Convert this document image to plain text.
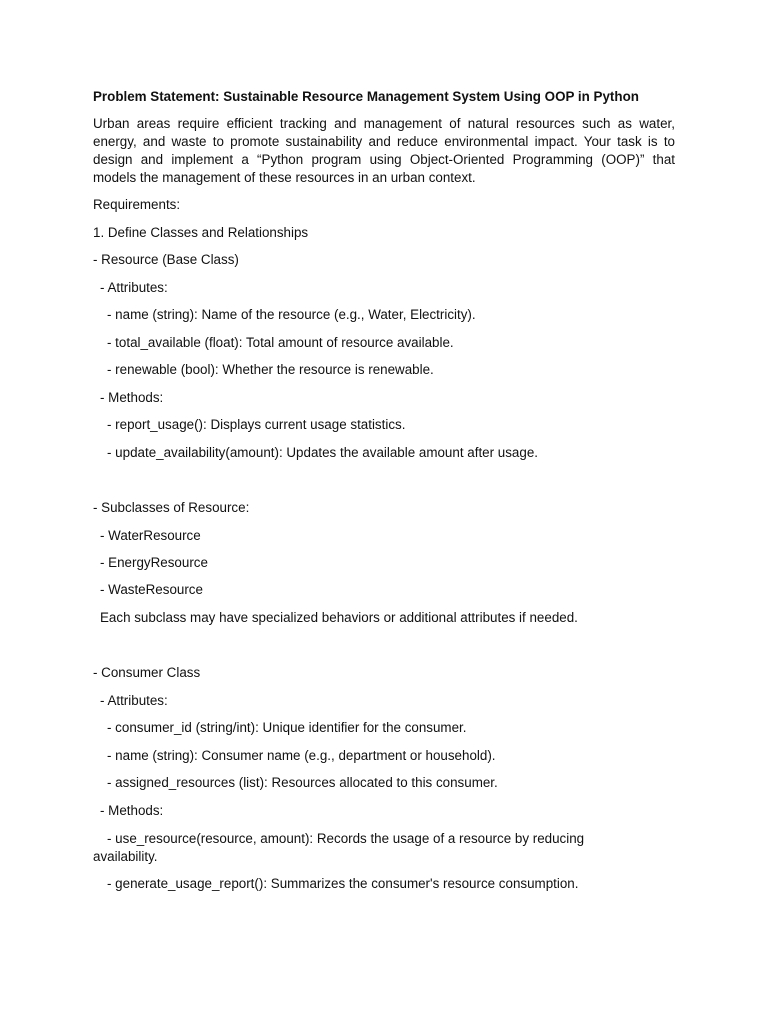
Problem Statement: Sustainable Resource Management System Using OOP in Python
Urban areas require efficient tracking and management of natural resources such as water, energy, and waste to promote sustainability and reduce environmental impact. Your task is to design and implement a “Python program using Object-Oriented Programming (OOP)” that models the management of these resources in an urban context.
Requirements:
1. Define Classes and Relationships
- Resource (Base Class)
- Attributes:
- name (string): Name of the resource (e.g., Water, Electricity).
- total_available (float): Total amount of resource available.
- renewable (bool): Whether the resource is renewable.
- Methods:
- report_usage(): Displays current usage statistics.
- update_availability(amount): Updates the available amount after usage.
- Subclasses of Resource:
- WaterResource
- EnergyResource
- WasteResource
Each subclass may have specialized behaviors or additional attributes if needed.
- Consumer Class
- Attributes:
- consumer_id (string/int): Unique identifier for the consumer.
- name (string): Consumer name (e.g., department or household).
- assigned_resources (list): Resources allocated to this consumer.
- Methods:
- use_resource(resource, amount): Records the usage of a resource by reducing availability.
- generate_usage_report(): Summarizes the consumer's resource consumption.
